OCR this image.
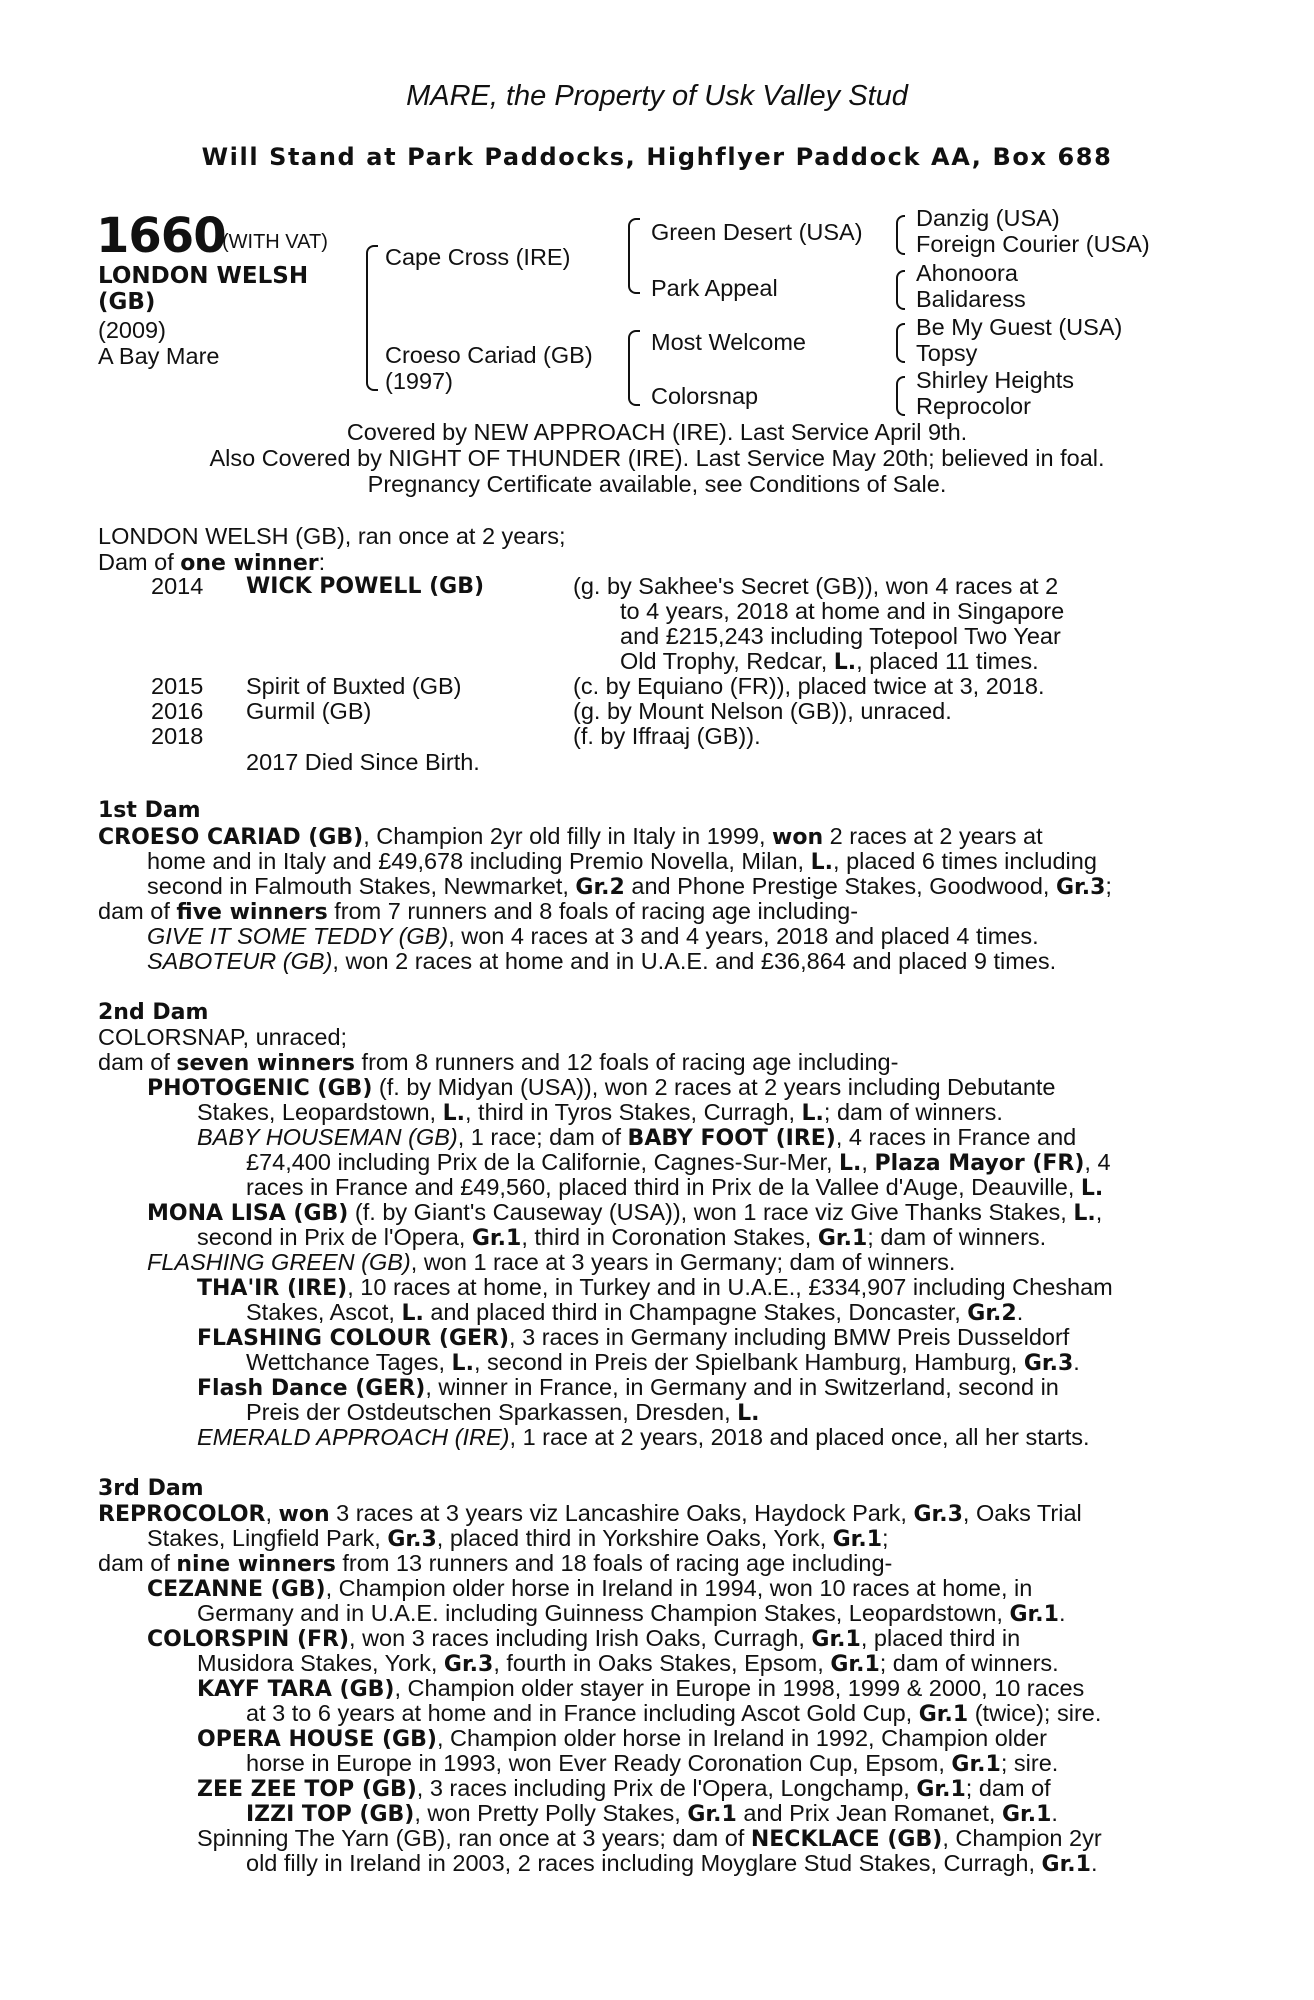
MARE, the Property of Usk Valley Stud
Will Stand at Park Paddocks, Highflyer Paddock AA, Box 688
1660
(WITH VAT)
LONDON WELSH
(GB)
(2009)
A Bay Mare
Cape Cross (IRE)
Croeso Cariad (GB)
(1997)
Green Desert (USA)
Park Appeal
Most Welcome
Colorsnap
Danzig (USA)
Foreign Courier (USA)
Ahonoora
Balidaress
Be My Guest (USA)
Topsy
Shirley Heights
Reprocolor
Covered by NEW APPROACH (IRE). Last Service April 9th.
Also Covered by NIGHT OF THUNDER (IRE). Last Service May 20th; believed in foal.
Pregnancy Certificate available, see Conditions of Sale.
LONDON WELSH (GB), ran once at 2 years;
Dam of one winner:
2014 WICK POWELL (GB)	(g. by Sakhee's Secret (GB)), won 4 races at 2
to 4 years, 2018 at home and in Singapore
and £215,243 including Totepool Two Year
Old Trophy, Redcar, L., placed 11 times.
2015 Spirit of Buxted (GB)	(c. by Equiano (FR)), placed twice at 3, 2018.
2016 Gurmil (GB)	(g. by Mount Nelson (GB)), unraced.
2018	(f. by Iffraaj (GB)).
2017 Died Since Birth.
1st Dam
CROESO CARIAD (GB), Champion 2yr old filly in Italy in 1999, won 2 races at 2 years at
home and in Italy and £49,678 including Premio Novella, Milan, L., placed 6 times including
second in Falmouth Stakes, Newmarket, Gr.2 and Phone Prestige Stakes, Goodwood, Gr.3;
dam of five winners from 7 runners and 8 foals of racing age including-
GIVE IT SOME TEDDY (GB), won 4 races at 3 and 4 years, 2018 and placed 4 times.
SABOTEUR (GB), won 2 races at home and in U.A.E. and £36,864 and placed 9 times.
2nd Dam
COLORSNAP, unraced;
dam of seven winners from 8 runners and 12 foals of racing age including-
PHOTOGENIC (GB) (f. by Midyan (USA)), won 2 races at 2 years including Debutante
Stakes, Leopardstown, L., third in Tyros Stakes, Curragh, L.; dam of winners.
BABY HOUSEMAN (GB), 1 race; dam of BABY FOOT (IRE), 4 races in France and
£74,400 including Prix de la Californie, Cagnes-Sur-Mer, L., Plaza Mayor (FR), 4
races in France and £49,560, placed third in Prix de la Vallee d'Auge, Deauville, L.
MONA LISA (GB) (f. by Giant's Causeway (USA)), won 1 race viz Give Thanks Stakes, L.,
second in Prix de l'Opera, Gr.1, third in Coronation Stakes, Gr.1; dam of winners.
FLASHING GREEN (GB), won 1 race at 3 years in Germany; dam of winners.
THA'IR (IRE), 10 races at home, in Turkey and in U.A.E., £334,907 including Chesham
Stakes, Ascot, L. and placed third in Champagne Stakes, Doncaster, Gr.2.
FLASHING COLOUR (GER), 3 races in Germany including BMW Preis Dusseldorf
Wettchance Tages, L., second in Preis der Spielbank Hamburg, Hamburg, Gr.3.
Flash Dance (GER), winner in France, in Germany and in Switzerland, second in
Preis der Ostdeutschen Sparkassen, Dresden, L.
EMERALD APPROACH (IRE), 1 race at 2 years, 2018 and placed once, all her starts.
3rd Dam
REPROCOLOR, won 3 races at 3 years viz Lancashire Oaks, Haydock Park, Gr.3, Oaks Trial
Stakes, Lingfield Park, Gr.3, placed third in Yorkshire Oaks, York, Gr.1;
dam of nine winners from 13 runners and 18 foals of racing age including-
CEZANNE (GB), Champion older horse in Ireland in 1994, won 10 races at home, in
Germany and in U.A.E. including Guinness Champion Stakes, Leopardstown, Gr.1.
COLORSPIN (FR), won 3 races including Irish Oaks, Curragh, Gr.1, placed third in
Musidora Stakes, York, Gr.3, fourth in Oaks Stakes, Epsom, Gr.1; dam of winners.
KAYF TARA (GB), Champion older stayer in Europe in 1998, 1999 & 2000, 10 races
at 3 to 6 years at home and in France including Ascot Gold Cup, Gr.1 (twice); sire.
OPERA HOUSE (GB), Champion older horse in Ireland in 1992, Champion older
horse in Europe in 1993, won Ever Ready Coronation Cup, Epsom, Gr.1; sire.
ZEE ZEE TOP (GB), 3 races including Prix de l'Opera, Longchamp, Gr.1; dam of
IZZI TOP (GB), won Pretty Polly Stakes, Gr.1 and Prix Jean Romanet, Gr.1.
Spinning The Yarn (GB), ran once at 3 years; dam of NECKLACE (GB), Champion 2yr
old filly in Ireland in 2003, 2 races including Moyglare Stud Stakes, Curragh, Gr.1.
